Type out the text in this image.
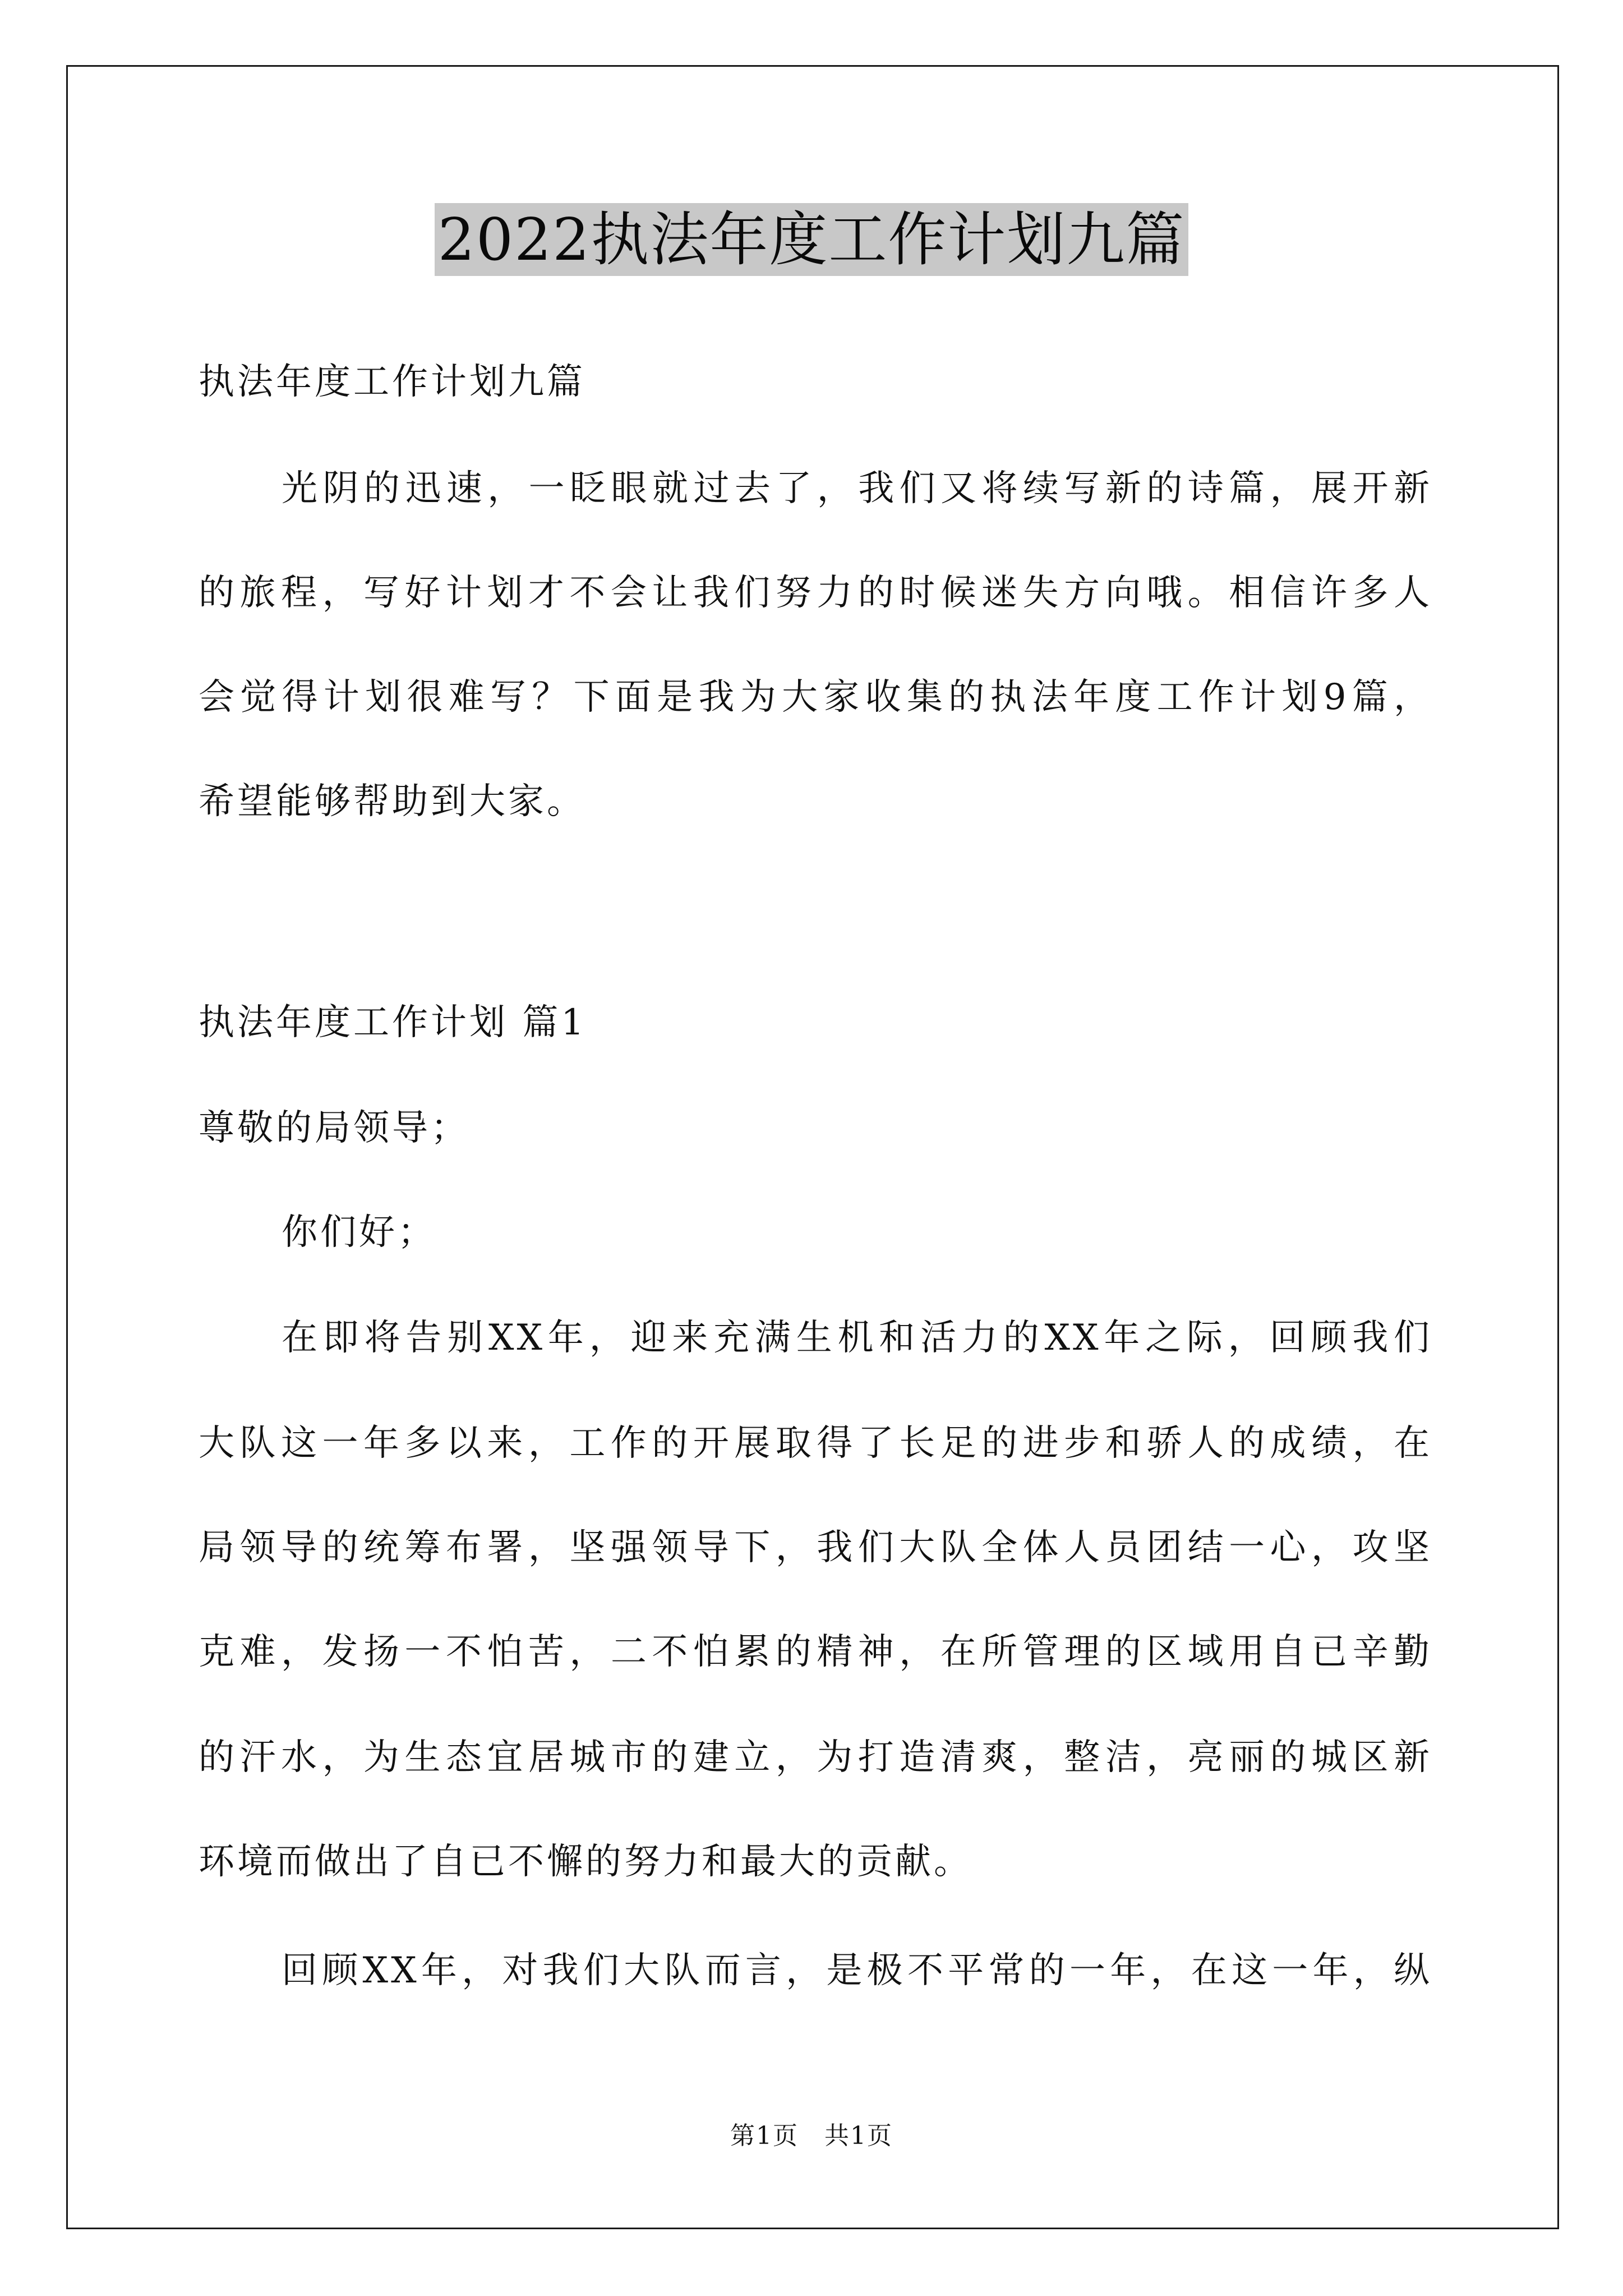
2022执法年度工作计划九篇
执法年度工作计划九篇
光阴的迅速，一眨眼就过去了，我们又将续写新的诗篇，展开新
的旅程，写好计划才不会让我们努力的时候迷失方向哦。相信许多人
会觉得计划很难写？下面是我为大家收集的执法年度工作计划9篇，
希望能够帮助到大家。
执法年度工作计划 篇1
尊敬的局领导；
你们好；
在即将告别XX年，迎来充满生机和活力的XX年之际，回顾我们
大队这一年多以来，工作的开展取得了长足的进步和骄人的成绩，在
局领导的统筹布署，坚强领导下，我们大队全体人员团结一心，攻坚
克难，发扬一不怕苦，二不怕累的精神，在所管理的区域用自已辛勤
的汗水，为生态宜居城市的建立，为打造清爽，整洁，亮丽的城区新
环境而做出了自已不懈的努力和最大的贡献。
回顾XX年，对我们大队而言，是极不平常的一年，在这一年，纵
第1页　共1页
